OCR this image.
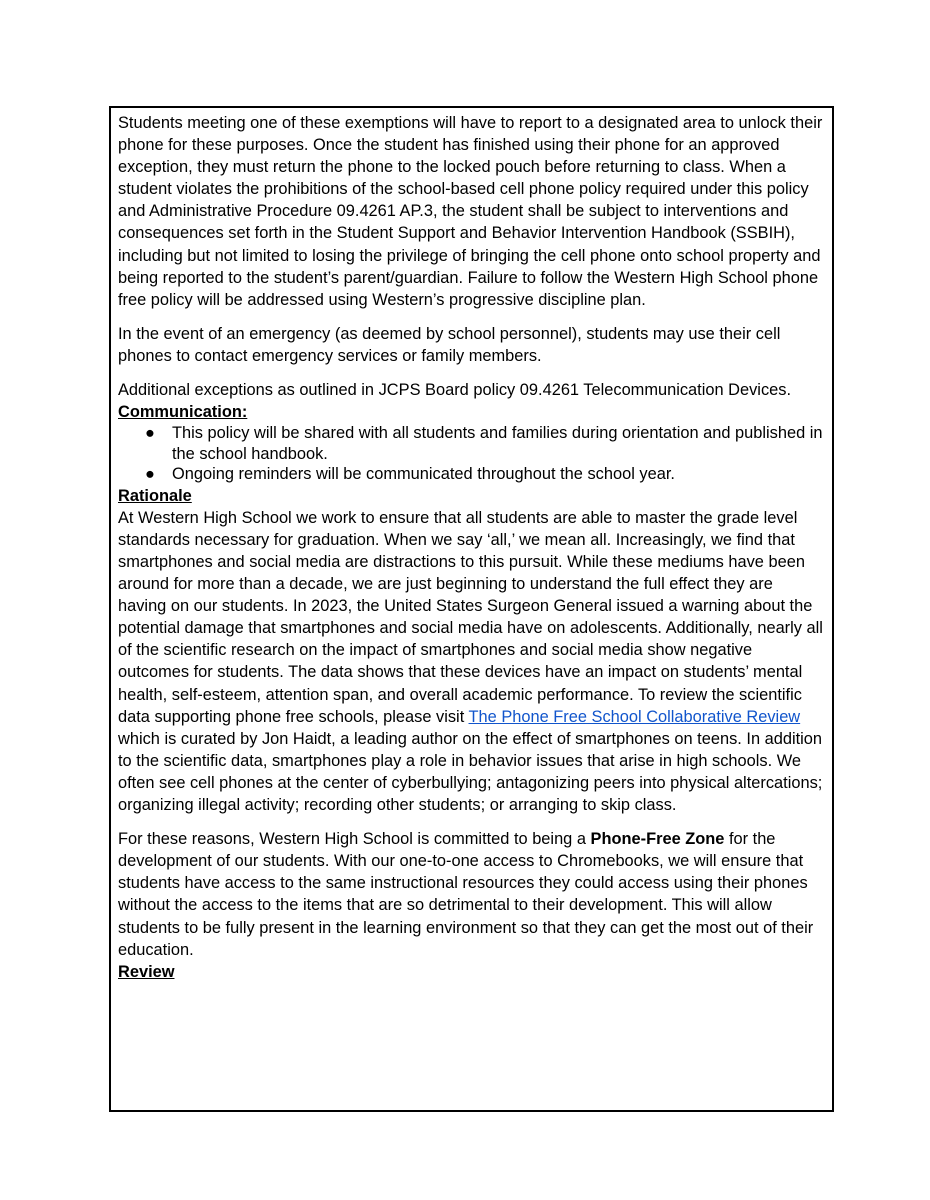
Students meeting one of these exemptions will have to report to a designated area to unlock their phone for these purposes. Once the student has finished using their phone for an approved exception, they must return the phone to the locked pouch before returning to class. When a student violates the prohibitions of the school-based cell phone policy required under this policy and Administrative Procedure 09.4261 AP.3, the student shall be subject to interventions and consequences set forth in the Student Support and Behavior Intervention Handbook (SSBIH), including but not limited to losing the privilege of bringing the cell phone onto school property and being reported to the student’s parent/guardian. Failure to follow the Western High School phone free policy will be addressed using Western’s progressive discipline plan.

In the event of an emergency (as deemed by school personnel), students may use their cell phones to contact emergency services or family members.

Additional exceptions as outlined in JCPS Board policy 09.4261 Telecommunication Devices.

Communication:

● This policy will be shared with all students and families during orientation and published in the school handbook.
● Ongoing reminders will be communicated throughout the school year.

Rationale

At Western High School we work to ensure that all students are able to master the grade level standards necessary for graduation. When we say ‘all,’ we mean all. Increasingly, we find that smartphones and social media are distractions to this pursuit. While these mediums have been around for more than a decade, we are just beginning to understand the full effect they are having on our students. In 2023, the United States Surgeon General issued a warning about the potential damage that smartphones and social media have on adolescents. Additionally, nearly all of the scientific research on the impact of smartphones and social media show negative outcomes for students. The data shows that these devices have an impact on students’ mental health, self-esteem, attention span, and overall academic performance. To review the scientific data supporting phone free schools, please visit The Phone Free School Collaborative Review which is curated by Jon Haidt, a leading author on the effect of smartphones on teens. In addition to the scientific data, smartphones play a role in behavior issues that arise in high schools. We often see cell phones at the center of cyberbullying; antagonizing peers into physical altercations; organizing illegal activity; recording other students; or arranging to skip class.

For these reasons, Western High School is committed to being a Phone-Free Zone for the development of our students. With our one-to-one access to Chromebooks, we will ensure that students have access to the same instructional resources they could access using their phones without the access to the items that are so detrimental to their development. This will allow students to be fully present in the learning environment so that they can get the most out of their education.

Review
